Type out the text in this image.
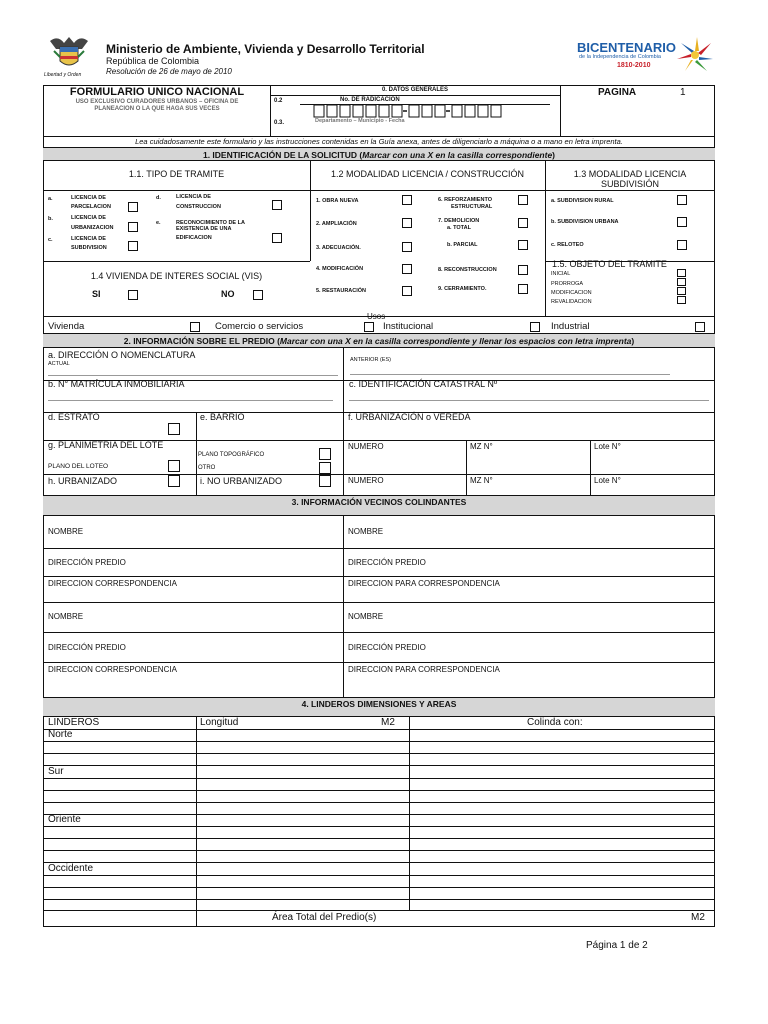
Libertad y Orden
Ministerio de Ambiente, Vivienda y Desarrollo Territorial
República de Colombia
Resolución de 26 de mayo de 2010
BICENTENARIO
de la Independencia de Colombia
1810-2010
FORMULARIO UNICO NACIONAL
USO EXCLUSIVO CURADORES URBANOS – OFICINA DE
PLANEACION O LA QUE HAGA SUS VECES
0. DATOS GENERALES
0.2	No. DE RADICACION
0.3.	Departamento – Municipio - Fecha
PAGINA	1
Lea cuidadosamente este formulario y las instrucciones contenidas en la Guía anexa, antes de diligenciarlo a máquina o a mano en letra imprenta.
1. IDENTIFICACIÓN DE LA SOLICITUD (Marcar con una X en la casilla correspondiente)
1.1. TIPO DE TRAMITE	1.2 MODALIDAD LICENCIA / CONSTRUCCIÓN	1.3 MODALIDAD LICENCIA
SUBDIVISIÓN
a.	LICENCIA DE
PARCELACION
b.	LICENCIA DE
URBANIZACION
c.	LICENCIA DE
SUBDIVISION
d.	LICENCIA DE
CONSTRUCCION
e.	RECONOCIMIENTO DE LA
EXISTENCIA DE UNA
EDIFICACION
1. OBRA NUEVA
2. AMPLIACIÓN
3. ADECUACIÓN.
4. MODIFICACIÓN
5. RESTAURACIÓN
6. REFORZAMIENTO
ESTRUCTURAL
7. DEMOLICION
a. TOTAL
b. PARCIAL
8. RECONSTRUCCION
9. CERRAMIENTO.
a. SUBDIVISION RURAL
b. SUBDIVISION URBANA
c. RELOTEO
1.4 VIVIENDA DE INTERES SOCIAL (VIS)
SI	NO
1.5. OBJETO DEL TRAMITE
INICIAL
PRORROGA
MODIFICACION
REVALIDACION
Usos
Vivienda	Comercio o servicios	Institucional	Industrial
2. INFORMACIÓN SOBRE EL PREDIO (Marcar con una X en la casilla correspondiente y llenar los espacios con letra imprenta)
a. DIRECCIÓN O NOMENCLATURA
ACTUAL
ANTERIOR (ES)
b. N° MATRÍCULA INMOBILIARIA	c. IDENTIFICACIÓN CATASTRAL Nº
d. ESTRATO	e. BARRIO	f. URBANIZACIÓN o VEREDA
g. PLANIMETRÍA DEL LOTE
PLANO DEL LOTEO
PLANO TOPOGRÁFICO
OTRO
NUMERO	MZ N°	Lote N°
h. URBANIZADO	i. NO URBANIZADO	NUMERO	MZ N°	Lote N°
3. INFORMACIÓN VECINOS COLINDANTES
NOMBRE	NOMBRE
DIRECCIÓN PREDIO	DIRECCIÓN PREDIO
DIRECCION CORRESPONDENCIA	DIRECCION PARA CORRESPONDENCIA
NOMBRE	NOMBRE
DIRECCIÓN PREDIO	DIRECCIÓN PREDIO
DIRECCION CORRESPONDENCIA	DIRECCION PARA CORRESPONDENCIA
4. LINDEROS DIMENSIONES Y AREAS
LINDEROS	Longitud	M2	Colinda con:
Norte
Sur
Oriente
Occidente
Área Total del Predio(s)	M2
Página 1 de 2
